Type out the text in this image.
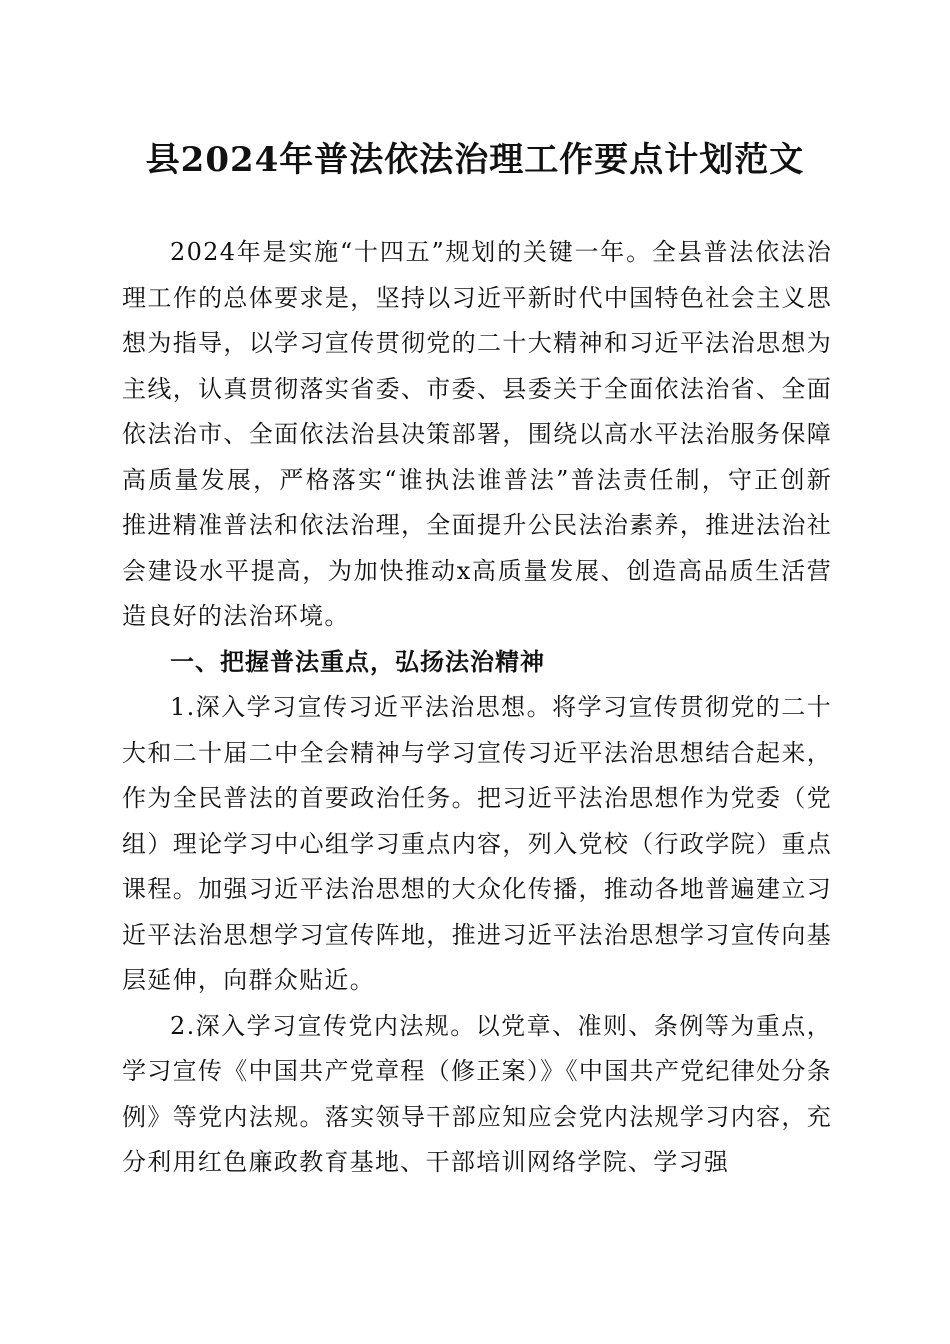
县2024年普法依法治理工作要点计划范文

2024年是实施“十四五”规划的关键一年。全县普法依法治理工作的总体要求是，坚持以习近平新时代中国特色社会主义思想为指导，以学习宣传贯彻党的二十大精神和习近平法治思想为主线，认真贯彻落实省委、市委、县委关于全面依法治省、全面依法治市、全面依法治县决策部署，围绕以高水平法治服务保障高质量发展，严格落实“谁执法谁普法”普法责任制，守正创新推进精准普法和依法治理，全面提升公民法治素养，推进法治社会建设水平提高，为加快推动x高质量发展、创造高品质生活营造良好的法治环境。

一、把握普法重点，弘扬法治精神

1.深入学习宣传习近平法治思想。将学习宣传贯彻党的二十大和二十届二中全会精神与学习宣传习近平法治思想结合起来，作为全民普法的首要政治任务。把习近平法治思想作为党委（党组）理论学习中心组学习重点内容，列入党校（行政学院）重点课程。加强习近平法治思想的大众化传播，推动各地普遍建立习近平法治思想学习宣传阵地，推进习近平法治思想学习宣传向基层延伸，向群众贴近。

2.深入学习宣传党内法规。以党章、准则、条例等为重点，学习宣传《中国共产党章程（修正案）》《中国共产党纪律处分条例》等党内法规。落实领导干部应知应会党内法规学习内容，充分利用红色廉政教育基地、干部培训网络学院、学习强
